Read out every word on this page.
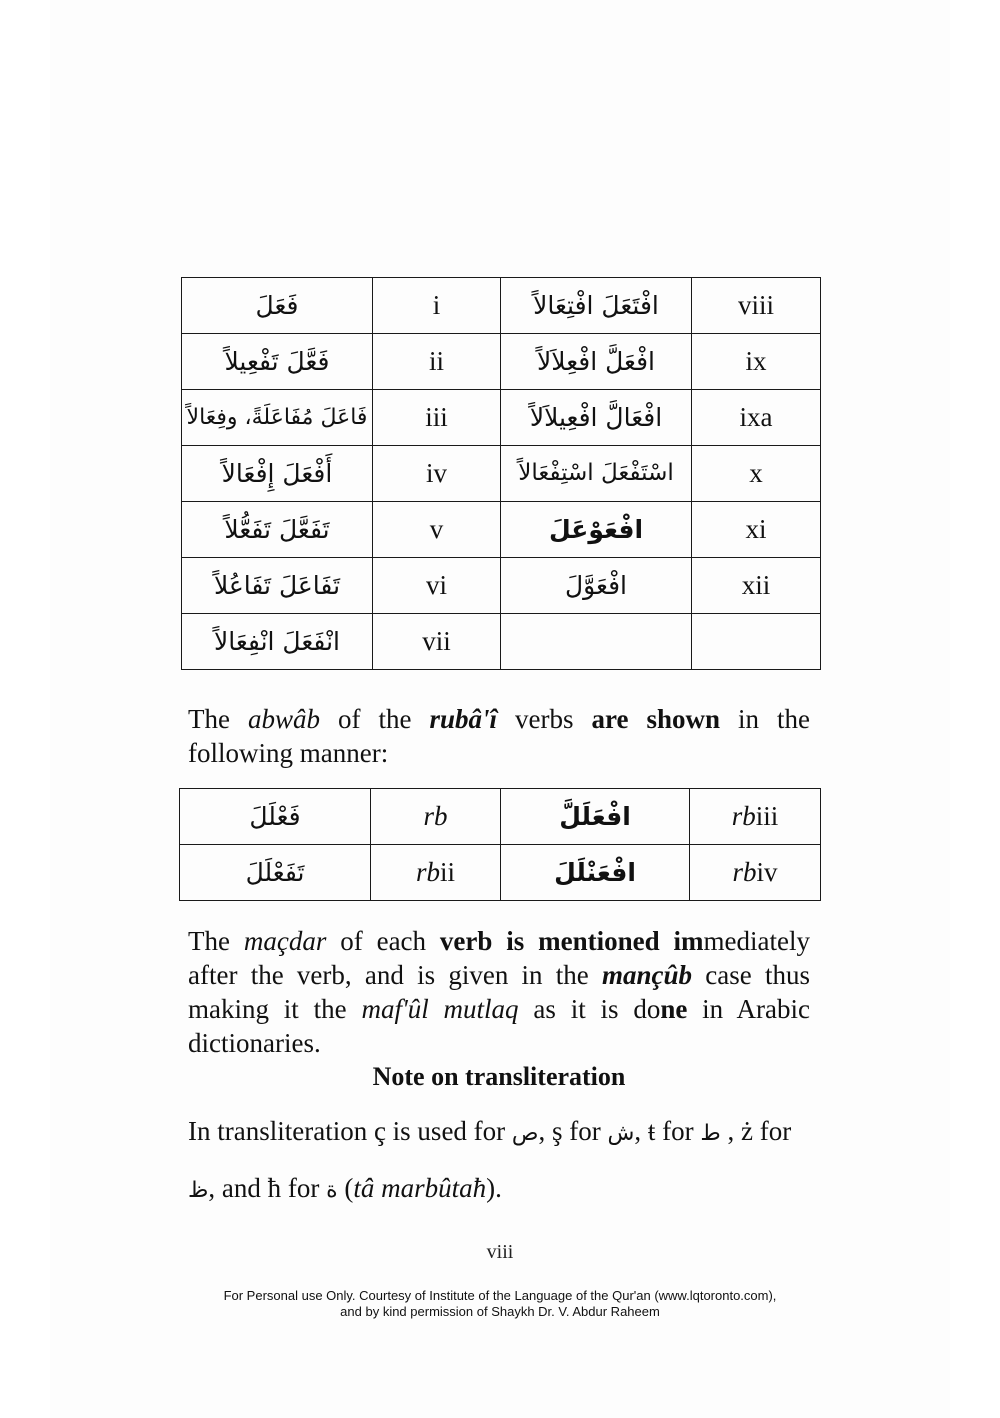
فَعَلَ	i	افْتَعَلَ افْتِعَالاً	viii
فَعَّلَ تَفْعِيلاً	ii	افْعَلَّ افْعِلاَلاً	ix
فَاعَلَ مُفَاعَلَةً، وفِعَالاً	iii	افْعَالَّ افْعِيلاَلاً	ixa
أَفْعَلَ إِفْعَالاً	iv	اسْتَفْعَلَ اسْتِفْعَالاً	x
تَفَعَّلَ تَفَعُّلاً	v	افْعَوْعَلَ	xi
تَفَاعَلَ تَفَاعُلاً	vi	افْعَوَّلَ	xii
انْفَعَلَ انْفِعَالاً	vii		
The abwâb of the rubâ'î verbs are shown in the following manner:
فَعْلَلَ	rb	افْعَلَلَّ	rbiii
تَفَعْلَلَ	rbii	افْعَنْلَلَ	rbiv
The maçdar of each verb is mentioned immediately after the verb, and is given in the mançûb case thus making it the maf'ûl mutlaq as it is done in Arabic dictionaries.
Note on transliteration
In transliteration ç is used for ص, ş for ش, ŧ for ط , ż for ظ, and ħ for ة (tâ marbûtaħ).
viii
For Personal use Only. Courtesy of Institute of the Language of the Qur'an (www.lqtoronto.com),
and by kind permission of Shaykh Dr. V. Abdur Raheem
